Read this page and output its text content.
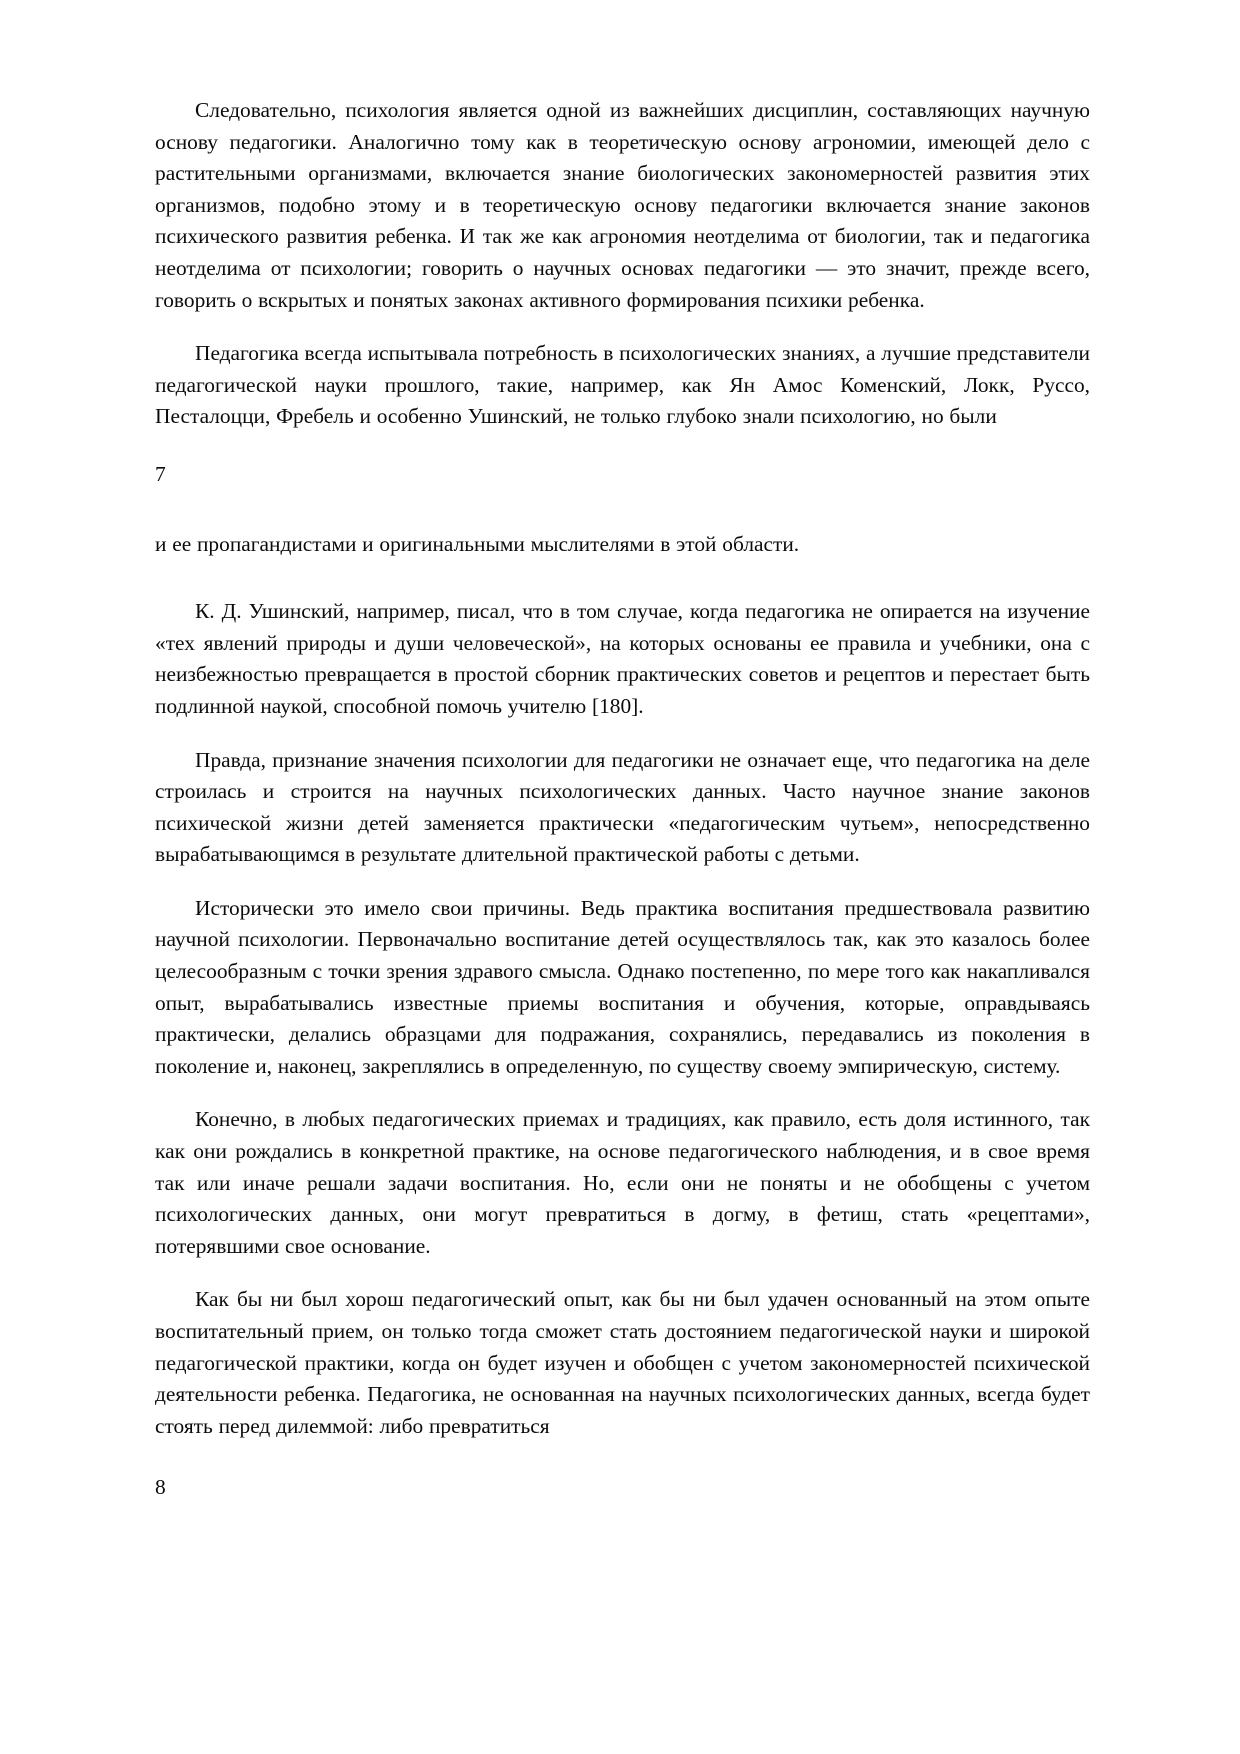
Следовательно, психология является одной из важнейших дисциплин, составляющих научную основу педагогики. Аналогично тому как в теоретическую основу агрономии, имеющей дело с растительными организмами, включается знание биологических закономерностей развития этих организмов, подобно этому и в теоретическую основу педагогики включается знание законов психического развития ребенка. И так же как агрономия неотделима от биологии, так и педагогика неотделима от психологии; говорить о научных основах педагогики — это значит, прежде всего, говорить о вскрытых и понятых законах активного формирования психики ребенка.

Педагогика всегда испытывала потребность в психологических знаниях, а лучшие представители педагогической науки прошлого, такие, например, как Ян Амос Коменский, Локк, Руссо, Песталоцци, Фребель и особенно Ушинский, не только глубоко знали психологию, но были

7

и ее пропагандистами и оригинальными мыслителями в этой области.

К. Д. Ушинский, например, писал, что в том случае, когда педагогика не опирается на изучение «тех явлений природы и души человеческой», на которых основаны ее правила и учебники, она с неизбежностью превращается в простой сборник практических советов и рецептов и перестает быть подлинной наукой, способной помочь учителю [180].

Правда, признание значения психологии для педагогики не означает еще, что педагогика на деле строилась и строится на научных психологических данных. Часто научное знание законов психической жизни детей заменяется практически «педагогическим чутьем», непосредственно вырабатывающимся в результате длительной практической работы с детьми.

Исторически это имело свои причины. Ведь практика воспитания предшествовала развитию научной психологии. Первоначально воспитание детей осуществлялось так, как это казалось более целесообразным с точки зрения здравого смысла. Однако постепенно, по мере того как накапливался опыт, вырабатывались известные приемы воспитания и обучения, которые, оправдываясь практически, делались образцами для подражания, сохранялись, передавались из поколения в поколение и, наконец, закреплялись в определенную, по существу своему эмпирическую, систему.

Конечно, в любых педагогических приемах и традициях, как правило, есть доля истинного, так как они рождались в конкретной практике, на основе педагогического наблюдения, и в свое время так или иначе решали задачи воспитания. Но, если они не поняты и не обобщены с учетом психологических данных, они могут превратиться в догму, в фетиш, стать «рецептами», потерявшими свое основание.

Как бы ни был хорош педагогический опыт, как бы ни был удачен основанный на этом опыте воспитательный прием, он только тогда сможет стать достоянием педагогической науки и широкой педагогической практики, когда он будет изучен и обобщен с учетом закономерностей психической деятельности ребенка. Педагогика, не основанная на научных психологических данных, всегда будет стоять перед дилеммой: либо превратиться

8
